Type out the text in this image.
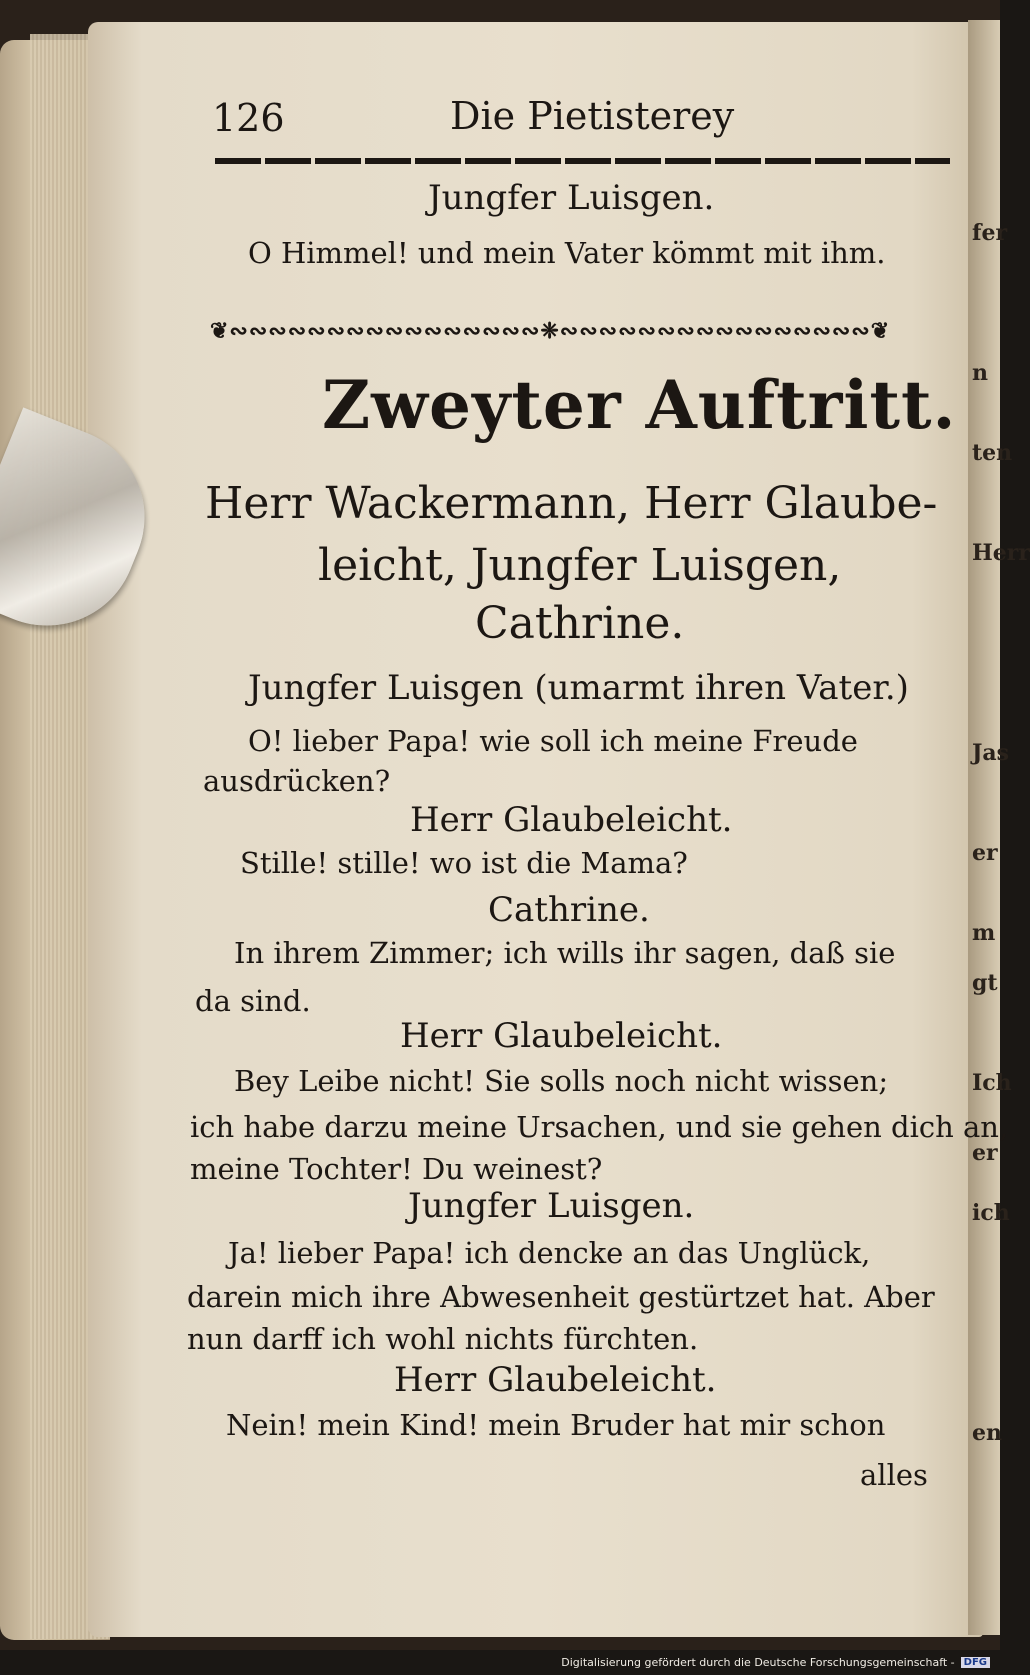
fer
n
ten
Herr
Jas
er
m
gt
Ich
er
ich
en
126	Die Pietisterey
Jungfer Luisgen.
O Himmel! und mein Vater kömmt mit ihm.
❦∾∾∾∾∾∾∾∾∾∾∾∾∾∾∾∾❈∾∾∾∾∾∾∾∾∾∾∾∾∾∾∾∾❦
Zweyter Auftritt.
Herr Wackermann, Herr Glaube-
leicht, Jungfer Luisgen,
Cathrine.
Jungfer Luisgen (umarmt ihren Vater.)
O! lieber Papa! wie soll ich meine Freude
ausdrücken?
Herr Glaubeleicht.
Stille! stille! wo ist die Mama?
Cathrine.
In ihrem Zimmer; ich wills ihr sagen, daß sie
da sind.
Herr Glaubeleicht.
Bey Leibe nicht! Sie solls noch nicht wissen;
ich habe darzu meine Ursachen, und sie gehen dich an,
meine Tochter! Du weinest?
Jungfer Luisgen.
Ja! lieber Papa! ich dencke an das Unglück,
darein mich ihre Abwesenheit gestürtzet hat. Aber
nun darff ich wohl nichts fürchten.
Herr Glaubeleicht.
Nein! mein Kind! mein Bruder hat mir schon
alles
Digitalisierung gefördert durch die Deutsche Forschungsgemeinschaft - DFG
